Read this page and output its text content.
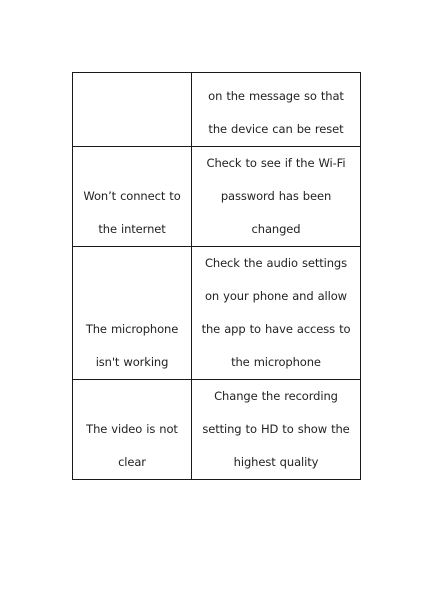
	on the message so that the device can be reset

Won’t connect to the internet	Check to see if the Wi-Fi password has been changed

The microphone isn't working	Check the audio settings on your phone and allow the app to have access to the microphone

The video is not clear	Change the recording setting to HD to show the highest quality
